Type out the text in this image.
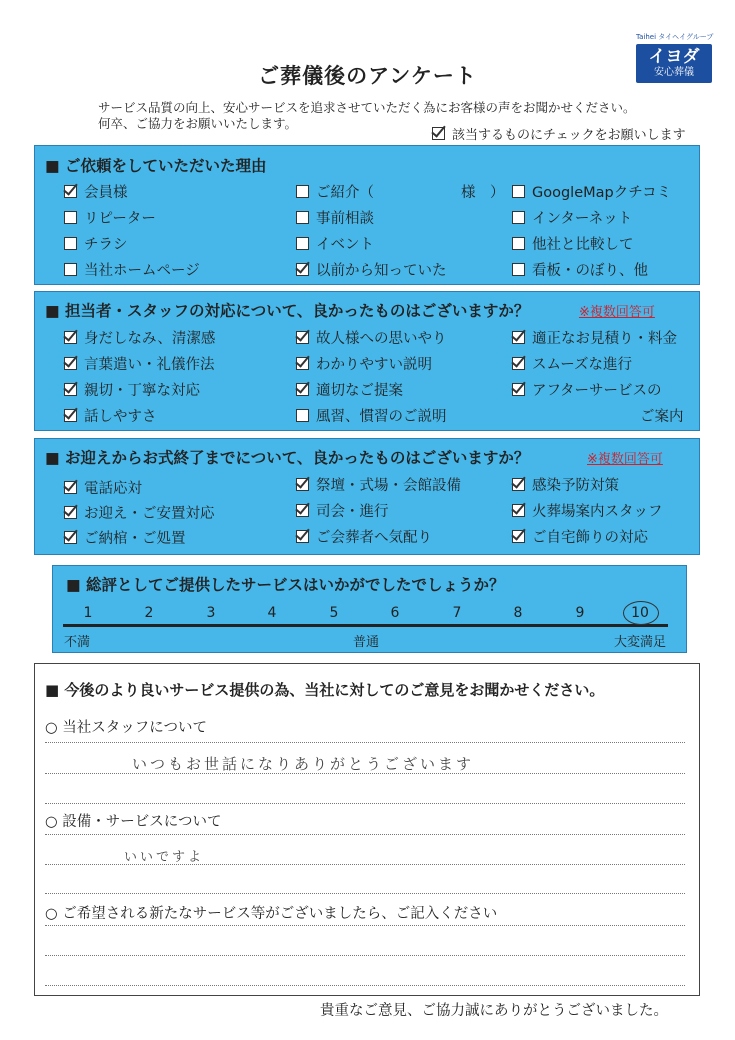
ご葬儀後のアンケート
サービス品質の向上、安心サービスを追求させていただく為にお客様の声をお聞かせください。
何卒、ご協力をお願いいたします。
Taihei タイヘイグループ
イヨダ
安心葬儀
該当するものにチェックをお願いします
■ ご依頼をしていただいた理由
会員様	ご紹介（　　　　　　様　）	GoogleMapクチコミ
リピーター	事前相談	インターネット
チラシ	イベント	他社と比較して
当社ホームページ	以前から知っていた	看板・のぼり、他
■ 担当者・スタッフの対応について、良かったものはございますか？	※複数回答可
身だしなみ、清潔感	故人様への思いやり	適正なお見積り・料金
言葉遣い・礼儀作法	わかりやすい説明	スムーズな進行
親切・丁寧な対応	適切なご提案	アフターサービスの
話しやすさ	風習、慣習のご説明	ご案内
■ お迎えからお式終了までについて、良かったものはございますか？	※複数回答可
電話応対	祭壇・式場・会館設備	感染予防対策
お迎え・ご安置対応	司会・進行	火葬場案内スタッフ
ご納棺・ご処置	ご会葬者へ気配り	ご自宅飾りの対応
■ 総評としてご提供したサービスはいかがでしたでしょうか？
1	2	3	4	5	6	7	8	9	10
不満	普通	大変満足
■ 今後のより良いサービス提供の為、当社に対してのご意見をお聞かせください。
○ 当社スタッフについて
いつもお世話になりありがとうございます
○ 設備・サービスについて
いいですよ
○ ご希望される新たなサービス等がございましたら、ご記入ください
貴重なご意見、ご協力誠にありがとうございました。
